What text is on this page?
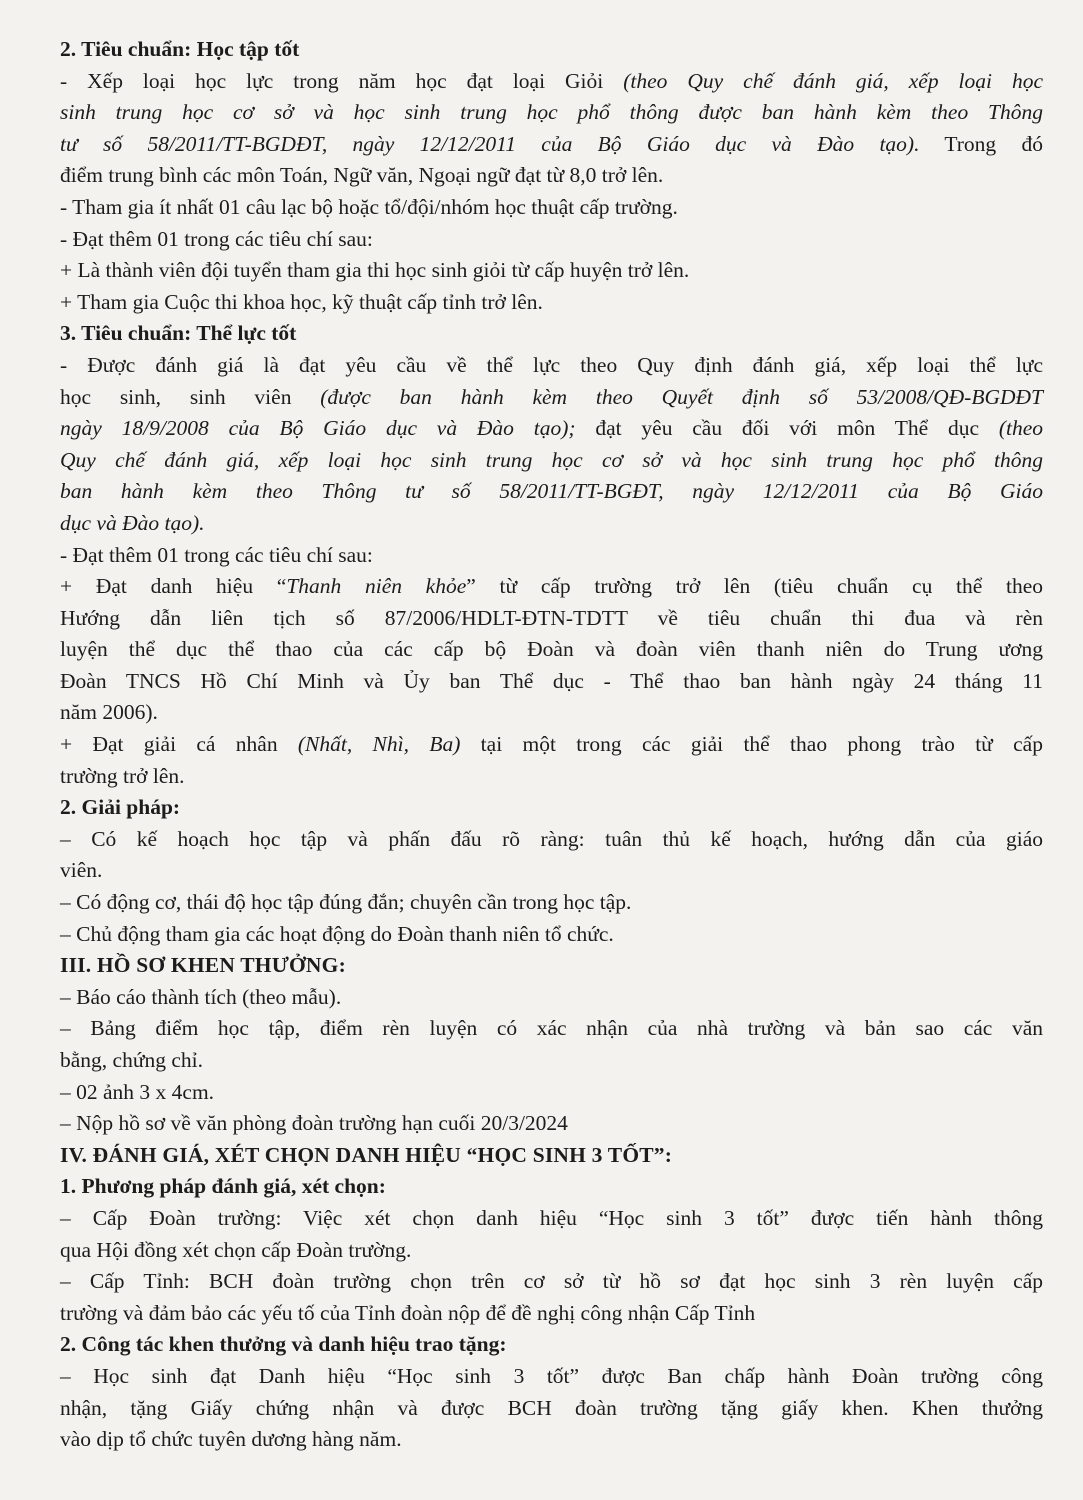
2. Tiêu chuẩn: Học tập tốt
- Xếp loại học lực trong năm học đạt loại Giỏi (theo Quy chế đánh giá, xếp loại học
sinh trung học cơ sở và học sinh trung học phổ thông được ban hành kèm theo Thông
tư số 58/2011/TT-BGDĐT, ngày 12/12/2011 của Bộ Giáo dục và Đào tạo). Trong đó
điểm trung bình các môn Toán, Ngữ văn, Ngoại ngữ đạt từ 8,0 trở lên.
- Tham gia ít nhất 01 câu lạc bộ hoặc tổ/đội/nhóm học thuật cấp trường.
- Đạt thêm 01 trong các tiêu chí sau:
+ Là thành viên đội tuyển tham gia thi học sinh giỏi từ cấp huyện trở lên.
+ Tham gia Cuộc thi khoa học, kỹ thuật cấp tỉnh trở lên.
3. Tiêu chuẩn: Thể lực tốt
- Được đánh giá là đạt yêu cầu về thể lực theo Quy định đánh giá, xếp loại thể lực
học sinh, sinh viên (được ban hành kèm theo Quyết định số 53/2008/QĐ-BGDĐT
ngày 18/9/2008 của Bộ Giáo dục và Đào tạo); đạt yêu cầu đối với môn Thể dục (theo
Quy chế đánh giá, xếp loại học sinh trung học cơ sở và học sinh trung học phổ thông
ban hành kèm theo Thông tư số 58/2011/TT-BGĐT, ngày 12/12/2011 của Bộ Giáo
dục và Đào tạo).
- Đạt thêm 01 trong các tiêu chí sau:
+ Đạt danh hiệu “Thanh niên khỏe” từ cấp trường trở lên (tiêu chuẩn cụ thể theo
Hướng dẫn liên tịch số 87/2006/HDLT-ĐTN-TDTT về tiêu chuẩn thi đua và rèn
luyện thể dục thể thao của các cấp bộ Đoàn và đoàn viên thanh niên do Trung ương
Đoàn TNCS Hồ Chí Minh và Ủy ban Thể dục - Thể thao ban hành ngày 24 tháng 11
năm 2006).
+ Đạt giải cá nhân (Nhất, Nhì, Ba) tại một trong các giải thể thao phong trào từ cấp
trường trở lên.
2. Giải pháp:
– Có kế hoạch học tập và phấn đấu rõ ràng: tuân thủ kế hoạch, hướng dẫn của giáo
viên.
– Có động cơ, thái độ học tập đúng đắn; chuyên cần trong học tập.
– Chủ động tham gia các hoạt động do Đoàn thanh niên tổ chức.
III. HỒ SƠ KHEN THƯỞNG:
– Báo cáo thành tích (theo mẫu).
– Bảng điểm học tập, điểm rèn luyện có xác nhận của nhà trường và bản sao các văn
bằng, chứng chỉ.
– 02 ảnh 3 x 4cm.
– Nộp hồ sơ về văn phòng đoàn trường hạn cuối 20/3/2024
IV. ĐÁNH GIÁ, XÉT CHỌN DANH HIỆU “HỌC SINH 3 TỐT”:
1. Phương pháp đánh giá, xét chọn:
– Cấp Đoàn trường: Việc xét chọn danh hiệu “Học sinh 3 tốt” được tiến hành thông
qua Hội đồng xét chọn cấp Đoàn trường.
– Cấp Tỉnh: BCH đoàn trường chọn trên cơ sở từ hồ sơ đạt học sinh 3 rèn luyện cấp
trường và đảm bảo các yếu tố của Tỉnh đoàn nộp để đề nghị công nhận Cấp Tỉnh
2. Công tác khen thưởng và danh hiệu trao tặng:
– Học sinh đạt Danh hiệu “Học sinh 3 tốt” được Ban chấp hành Đoàn trường công
nhận, tặng Giấy chứng nhận và được BCH đoàn trường tặng giấy khen. Khen thưởng
vào dịp tổ chức tuyên dương hàng năm.
